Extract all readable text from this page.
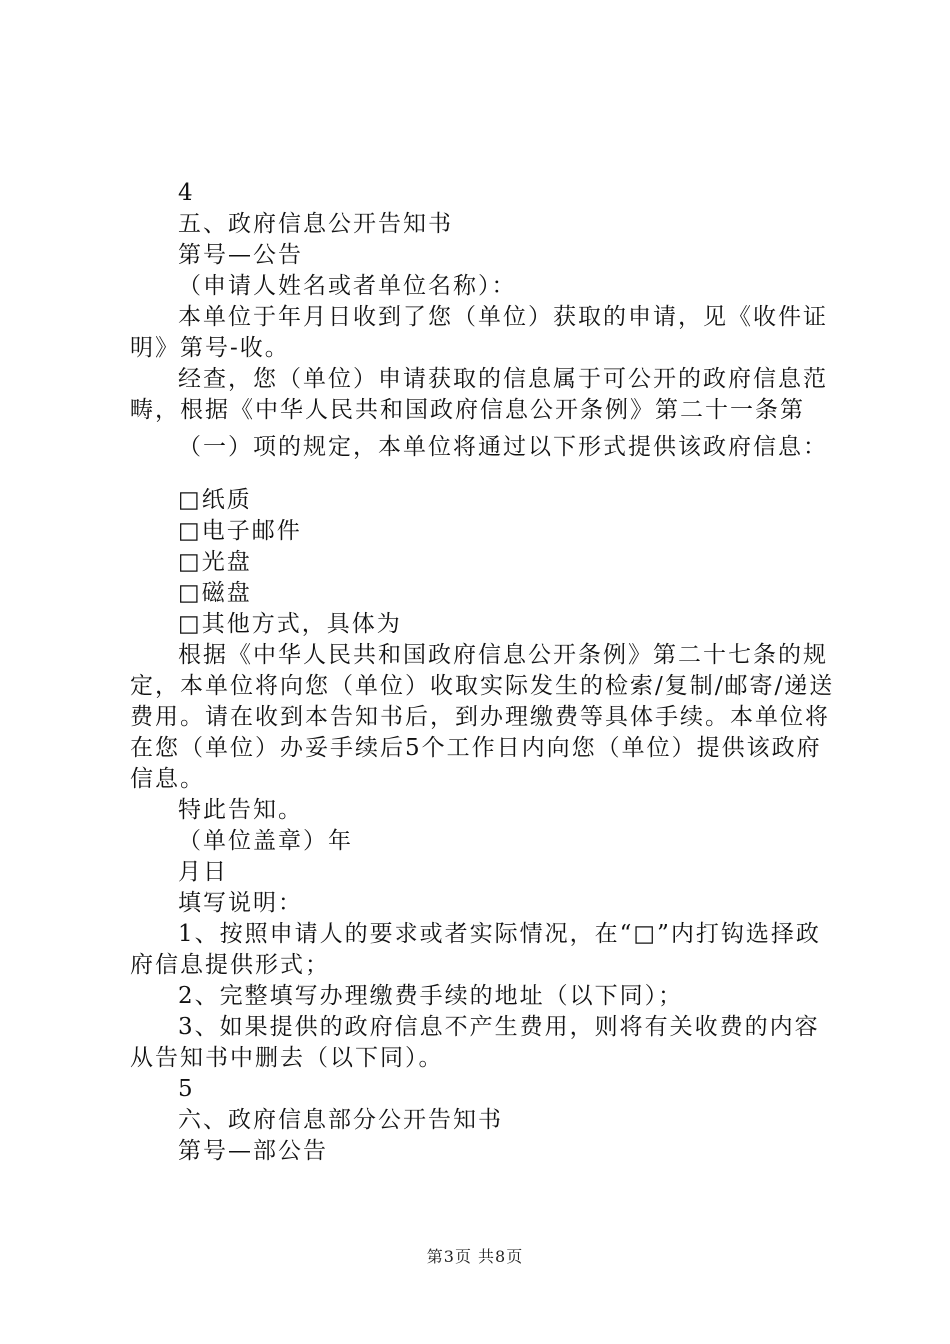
4

五、政府信息公开告知书

第号—公告

（申请人姓名或者单位名称）：

本单位于年月日收到了您（单位）获取的申请，见《收件证明》第号-收。

经查，您（单位）申请获取的信息属于可公开的政府信息范畴，根据《中华人民共和国政府信息公开条例》第二十一条第

（一）项的规定，本单位将通过以下形式提供该政府信息：

□纸质

□电子邮件

□光盘

□磁盘

□其他方式，具体为

根据《中华人民共和国政府信息公开条例》第二十七条的规定，本单位将向您（单位）收取实际发生的检索/复制/邮寄/递送费用。请在收到本告知书后，到办理缴费等具体手续。本单位将在您（单位）办妥手续后5个工作日内向您（单位）提供该政府信息。

特此告知。

（单位盖章）年

月日

填写说明：

1、按照申请人的要求或者实际情况，在“□”内打钩选择政府信息提供形式；

2、完整填写办理缴费手续的地址（以下同）；

3、如果提供的政府信息不产生费用，则将有关收费的内容从告知书中删去（以下同）。

5

六、政府信息部分公开告知书

第号—部公告

第3页 共8页
